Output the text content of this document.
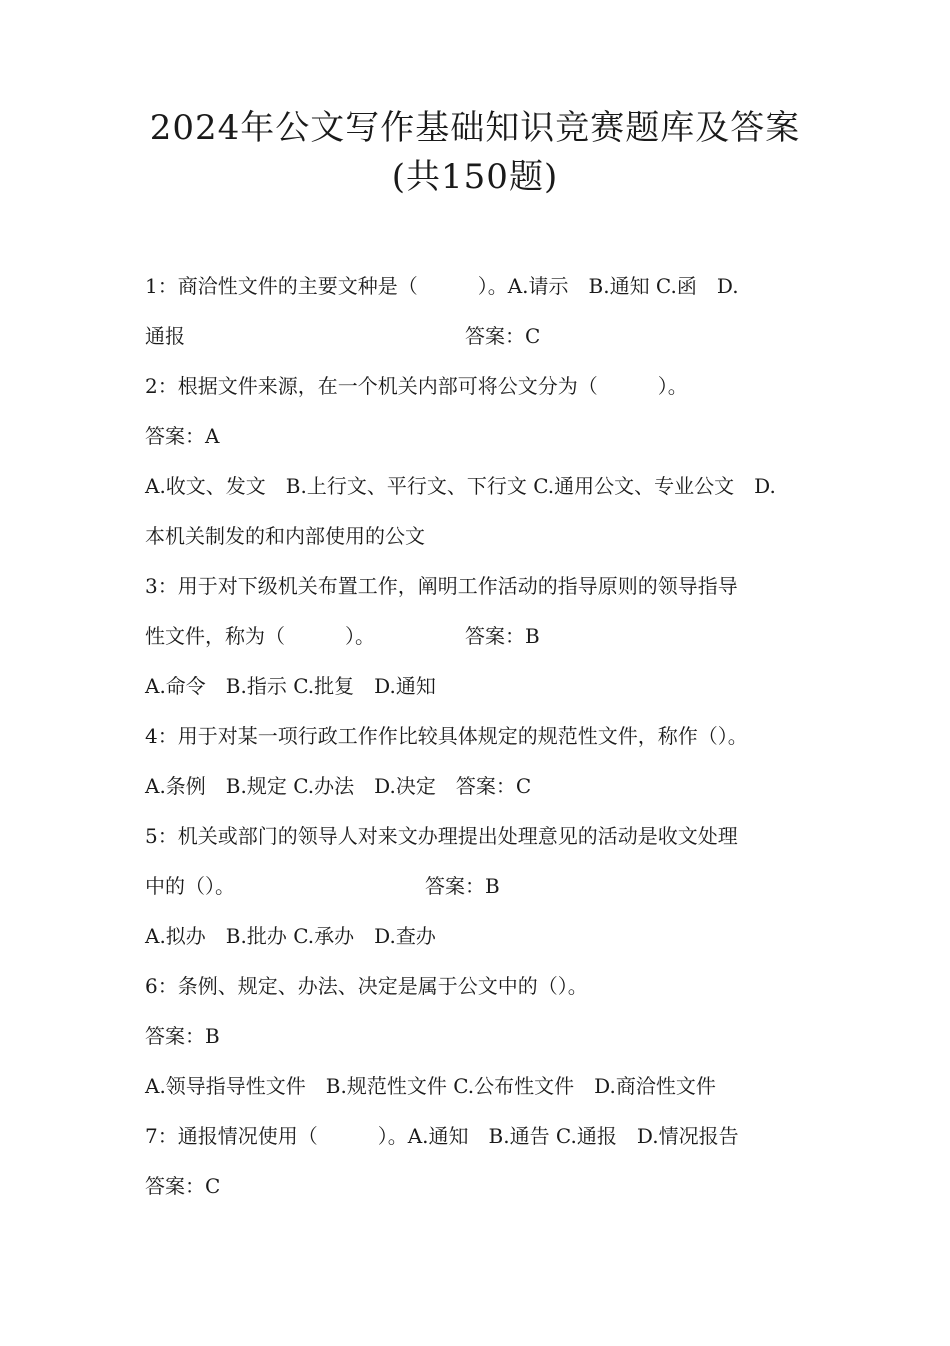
2024年公文写作基础知识竞赛题库及答案
(共150题)
1：商洽性文件的主要文种是（　　　）。A.请示　B.通知 C.函　D.
通报　　　　　　　　　　　　　　答案：C
2：根据文件来源，在一个机关内部可将公文分为（　　　）。
答案：A
A.收文、发文　B.上行文、平行文、下行文 C.通用公文、专业公文　D.
本机关制发的和内部使用的公文
3：用于对下级机关布置工作，阐明工作活动的指导原则的领导指导
性文件，称为（　　　）。　　　　　答案：B
A.命令　B.指示 C.批复　D.通知
4：用于对某一项行政工作作比较具体规定的规范性文件，称作（）。
A.条例　B.规定 C.办法　D.决定　答案：C
5：机关或部门的领导人对来文办理提出处理意见的活动是收文处理
中的（）。　　　　　　　　　　答案：B
A.拟办　B.批办 C.承办　D.查办
6：条例、规定、办法、决定是属于公文中的（）。
答案：B
A.领导指导性文件　B.规范性文件 C.公布性文件　D.商洽性文件
7：通报情况使用（　　　）。A.通知　B.通告 C.通报　D.情况报告
答案：C
